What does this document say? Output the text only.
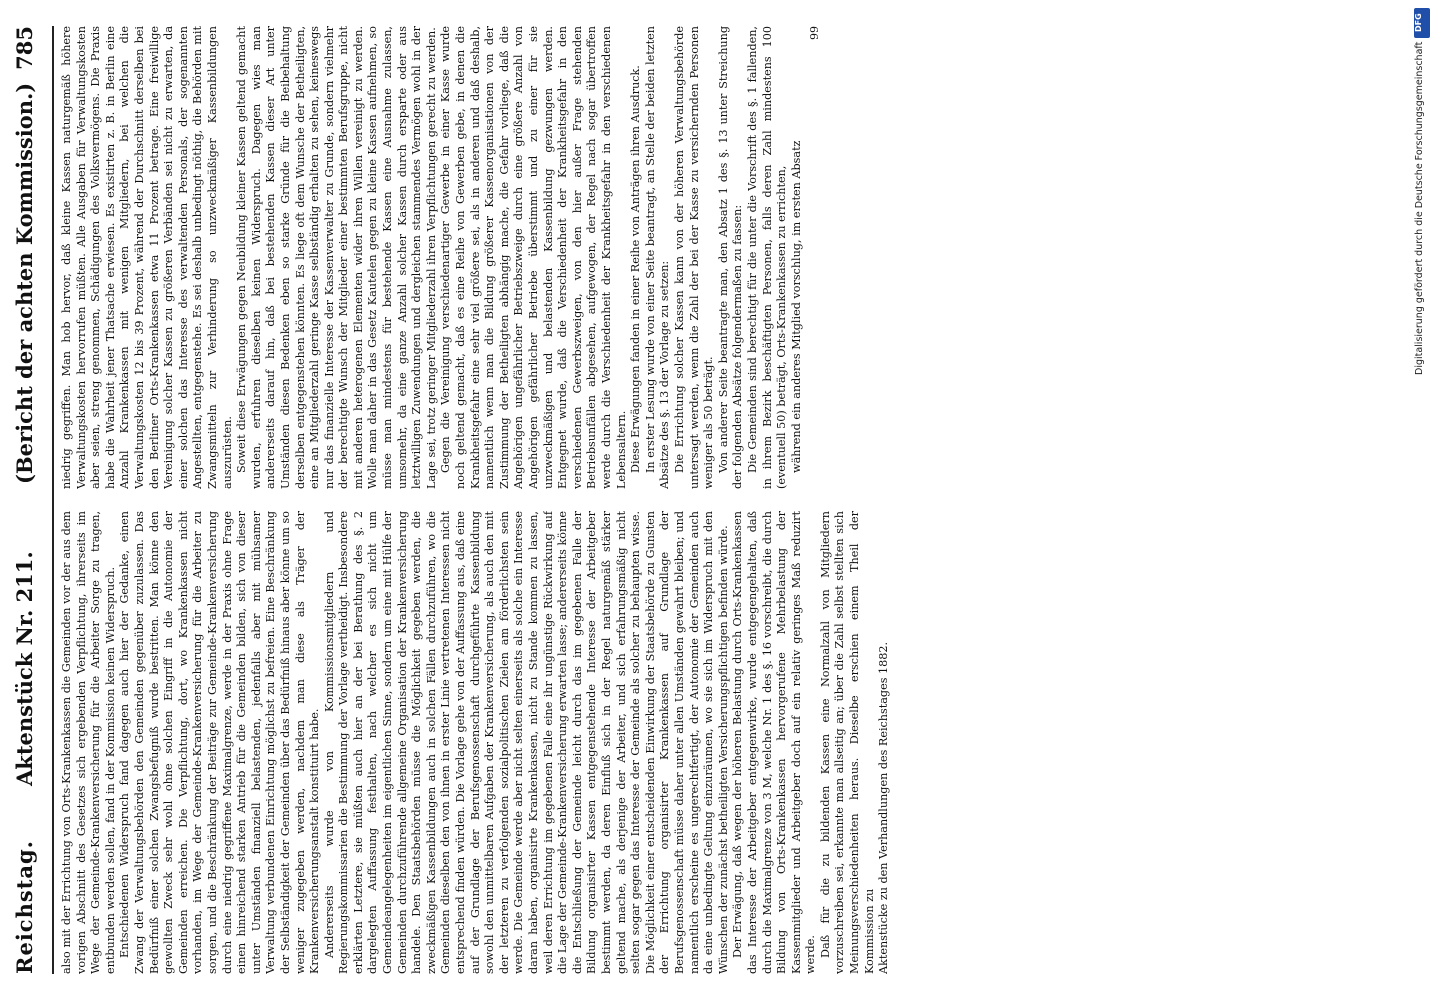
Reichstag.
Aktenstück Nr. 211.
(Bericht der achten Kommission.)
785

also mit der Errichtung von Orts-Krankenkassen die Gemeinden vor der aus dem vorigen Abschnitt des Gesetzes sich ergebenden Verpflichtung, ihrerseits im Wege der Gemeinde-Krankenversicherung für die Arbeiter Sorge zu tragen, entbunden werden sollen, fand in der Kommission keinen Widerspruch. Entschiedenen Widerspruch fand dagegen auch hier der Gedanke, einen Zwang der Verwaltungsbehörden den Gemeinden gegenüber zuzulassen. Das Bedürfniß einer solchen Zwangsbefugniß wurde bestritten. Man könne den gewollten Zweck sehr wohl ohne solchen Eingriff in die Autonomie der Gemeinden erreichen. Die Verpflichtung, dort, wo Krankenkassen nicht vorhanden, im Wege der Gemeinde-Krankenversicherung für die Arbeiter zu sorgen, und die Beschränkung der Beiträge zur Gemeinde-Krankenversicherung durch eine niedrig gegriffene Maximalgrenze, werde in der Praxis ohne Frage einen hinreichend starken Antrieb für die Gemeinden bilden, sich von dieser unter Umständen finanziell belastenden, jedenfalls aber mit mühsamer Verwaltung verbundenen Einrichtung möglichst zu befreien. Eine Beschränkung der Selbständigkeit der Gemeinden über das Bedürfniß hinaus aber könne um so weniger zugegeben werden, nachdem man diese als Träger der Krankenversicherungsanstalt konstituirt habe. Andererseits wurde von Kommissionsmitgliedern und Regierungskommissarien die Bestimmung der Vorlage vertheidigt. Insbesondere erklärten Letztere, sie müßten auch hier an der bei Berathung des §. 2 dargelegten Auffassung festhalten, nach welcher es sich nicht um Gemeindeangelegenheiten im eigentlichen Sinne, sondern um eine mit Hülfe der Gemeinden durchzuführende allgemeine Organisation der Krankenversicherung handele. Den Staatsbehörden müsse die Möglichkeit gegeben werden, die zweckmäßigen Kassenbildungen auch in solchen Fällen durchzuführen, wo die Gemeinden dieselben den von ihnen in erster Linie vertretenen Interessen nicht entsprechend finden würden. Die Vorlage gehe von der Auffassung aus, daß eine auf der Grundlage der Berufsgenossenschaft durchgeführte Kassenbildung sowohl den unmittelbaren Aufgaben der Krankenversicherung, als auch den mit der letzteren zu verfolgenden sozialpolitischen Zielen am förderlichsten sein werde. Die Gemeinde werde aber nicht selten einerseits als solche ein Interesse daran haben, organisirte Krankenkassen, nicht zu Stande kommen zu lassen, weil deren Errichtung im gegebenen Falle eine ihr ungünstige Rückwirkung auf die Lage der Gemeinde-Krankenversicherung erwarten lasse; andererseits könne die Entschließung der Gemeinde leicht durch das im gegebenen Falle der Bildung organisirter Kassen entgegenstehende Interesse der Arbeitgeber bestimmt werden, da deren Einfluß sich in der Regel naturgemäß stärker geltend mache, als derjenige der Arbeiter, und sich erfahrungsmäßig nicht selten sogar gegen das Interesse der Gemeinde als solcher zu behaupten wisse. Die Möglichkeit einer entscheidenden Einwirkung der Staatsbehörde zu Gunsten der Errichtung organisirter Krankenkassen auf Grundlage der Berufsgenossenschaft müsse daher unter allen Umständen gewahrt bleiben; und namentlich erscheine es ungerechtfertigt, der Autonomie der Gemeinden auch da eine unbedingte Geltung einzuräumen, wo sie sich im Widerspruch mit den Wünschen der zunächst betheiligten Versicherungspflichtigen befinden würde. Der Erwägung, daß wegen der höheren Belastung durch Orts-Krankenkassen das Interesse der Arbeitgeber entgegenwirke, wurde entgegengehalten, daß durch die Maximalgrenze von 3 M, welche Nr. 1 des §. 16 vorschreibt, die durch Bildung von Orts-Krankenkassen hervorgerufene Mehrbelastung der Kassenmitglieder und Arbeitgeber doch auf ein relativ geringes Maß reduzirt werde. Daß für die zu bildenden Kassen eine Normalzahl von Mitgliedern vorzuschreiben sei, erkannte man allseitig an; über die Zahl selbst stellten sich Meinungsverschiedenheiten heraus. Dieselbe erschien einem Theil der Kommission zu Aktenstücke zu den Verhandlungen des Reichstages 1882.

niedrig gegriffen. Man hob hervor, daß kleine Kassen naturgemäß höhere Verwaltungskosten hervorrufen müßten. Alle Ausgaben für Verwaltungskosten aber seien, streng genommen, Schädigungen des Volksvermögens. Die Praxis habe die Wahrheit jener Thatsache erwiesen. Es existirten z. B. in Berlin eine Anzahl Krankenkassen mit wenigen Mitgliedern, bei welchen die Verwaltungskosten 12 bis 39 Prozent, während der Durchschnitt derselben bei den Berliner Orts-Krankenkassen etwa 11 Prozent betrage. Eine freiwillige Vereinigung solcher Kassen zu größeren Verbänden sei nicht zu erwarten, da einer solchen das Interesse des verwaltenden Personals, der sogenannten Angestellten, entgegenstehe. Es sei deshalb unbedingt nöthig, die Behörden mit Zwangsmitteln zur Verhinderung so unzweckmäßiger Kassenbildungen auszurüsten. Soweit diese Erwägungen gegen Neubildung kleiner Kassen geltend gemacht wurden, erfuhren dieselben keinen Widerspruch. Dagegen wies man andererseits darauf hin, daß bei bestehenden Kassen dieser Art unter Umständen diesen Bedenken eben so starke Gründe für die Beibehaltung derselben entgegenstehen könnten. Es liege oft dem Wunsche der Betheiligten, eine an Mitgliederzahl geringe Kasse selbständig erhalten zu sehen, keineswegs nur das finanzielle Interesse der Kassenverwalter zu Grunde, sondern vielmehr der berechtigte Wunsch der Mitglieder einer bestimmten Berufsgruppe, nicht mit anderen heterogenen Elementen wider ihren Willen vereinigt zu werden. Wolle man daher in das Gesetz Kautelen gegen zu kleine Kassen aufnehmen, so müsse man mindestens für bestehende Kassen eine Ausnahme zulassen, umsomehr, da eine ganze Anzahl solcher Kassen durch ersparte oder aus letztwilligen Zuwendungen und dergleichen stammendes Vermögen wohl in der Lage sei, trotz geringer Mitgliederzahl ihren Verpflichtungen gerecht zu werden. Gegen die Vereinigung verschiedenartiger Gewerbe in einer Kasse wurde noch geltend gemacht, daß es eine Reihe von Gewerben gebe, in denen die Krankheitsgefahr eine sehr viel größere sei, als in anderen und daß deshalb, namentlich wenn man die Bildung größerer Kassenorganisationen von der Zustimmung der Betheiligten abhängig mache, die Gefahr vorliege, daß die Angehörigen ungefährlicher Betriebszweige durch eine größere Anzahl von Angehörigen gefährlicher Betriebe überstimmt und zu einer für sie unzweckmäßigen und belastenden Kassenbildung gezwungen werden. Entgegnet wurde, daß die Verschiedenheit der Krankheitsgefahr in den verschiedenen Gewerbszweigen, von den hier außer Frage stehenden Betriebsunfällen abgesehen, aufgewogen, der Regel nach sogar übertroffen werde durch die Verschiedenheit der Krankheitsgefahr in den verschiedenen Lebensaltern. Diese Erwägungen fanden in einer Reihe von Anträgen ihren Ausdruck. In erster Lesung wurde von einer Seite beantragt, an Stelle der beiden letzten Absätze des §. 13 der Vorlage zu setzen: Die Errichtung solcher Kassen kann von der höheren Verwaltungsbehörde untersagt werden, wenn die Zahl der bei der Kasse zu versichernden Personen weniger als 50 beträgt. Von anderer Seite beantragte man, den Absatz 1 des §. 13 unter Streichung der folgenden Absätze folgendermaßen zu fassen: Die Gemeinden sind berechtigt für die unter die Vorschrift des §. 1 fallenden, in ihrem Bezirk beschäftigten Personen, falls deren Zahl mindestens 100 (eventuell 50) beträgt, Orts-Krankenkassen zu errichten, während ein anderes Mitglied vorschlug, im ersten Absatz

99
DFG
Digitalisierung gefördert durch die Deutsche Forschungsgemeinschaft
